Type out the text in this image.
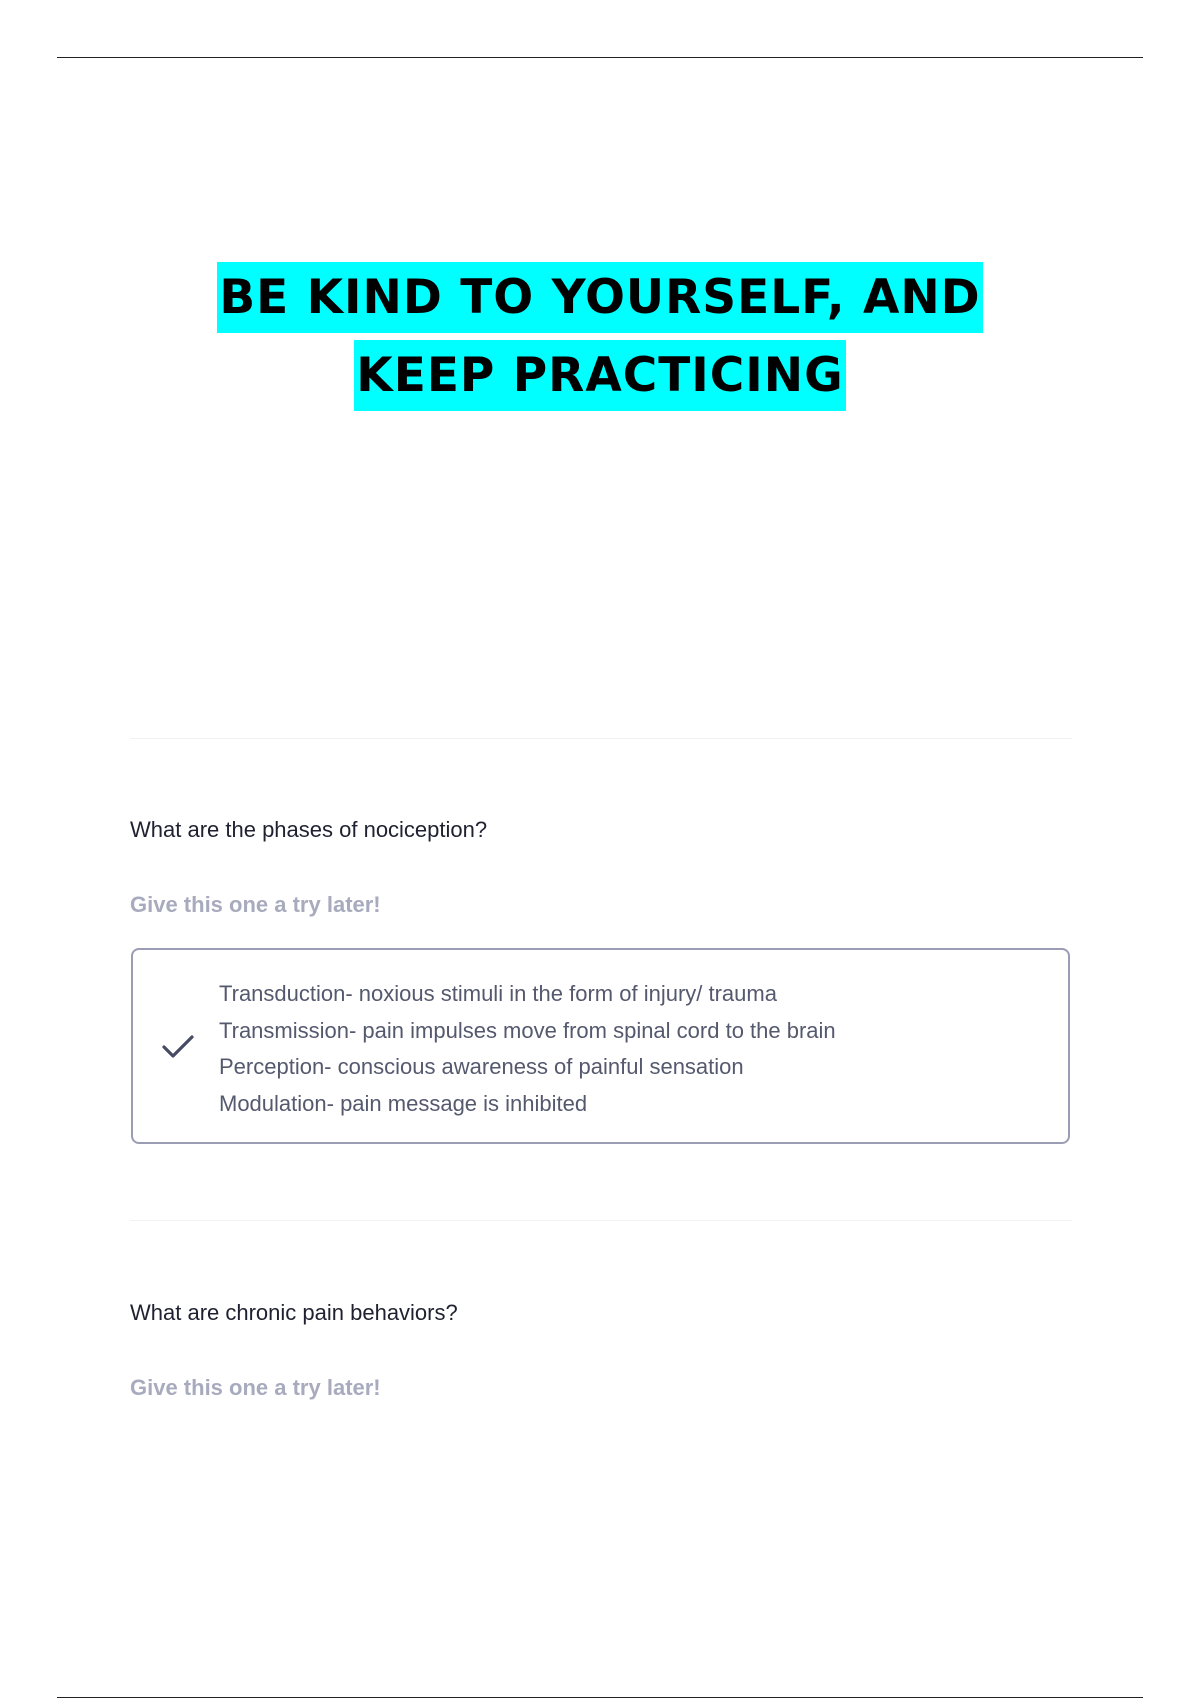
BE KIND TO YOURSELF, AND
KEEP PRACTICING
What are the phases of nociception?
Give this one a try later!
Transduction- noxious stimuli in the form of injury/ trauma
Transmission- pain impulses move from spinal cord to the brain
Perception- conscious awareness of painful sensation
Modulation- pain message is inhibited
What are chronic pain behaviors?
Give this one a try later!
